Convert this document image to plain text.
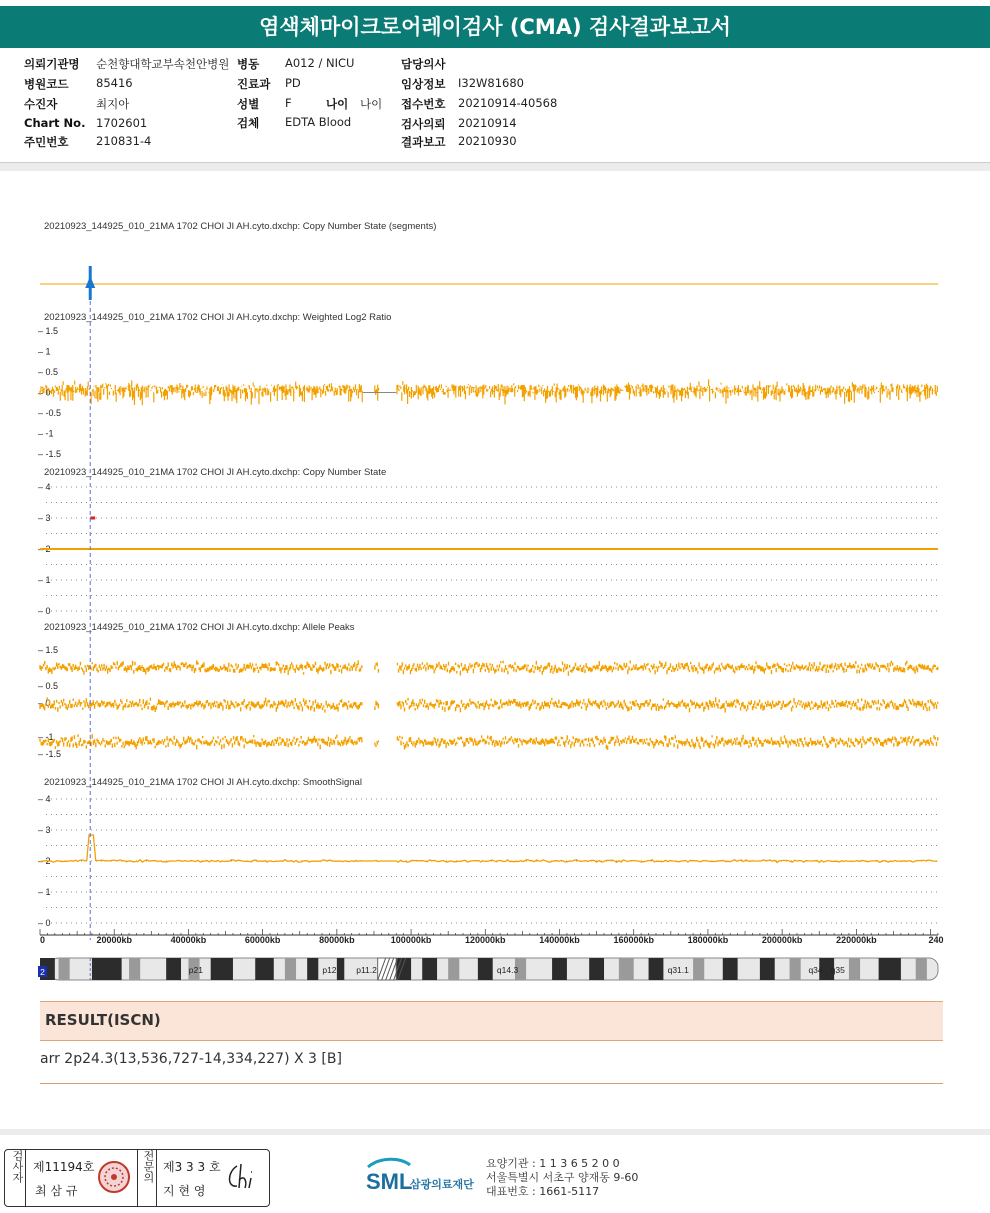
염색체마이크로어레이검사 (CMA) 검사결과보고서
의뢰기관명 순천향대학교부속천안병원
병원코드 85416
수진자	최지아
Chart No. 1702601
주민번호 210831-4
병동 A012 / NICU
진료과 PD
성별 F	나이 나이
검체 EDTA Blood
담당의사
임상정보 I32W81680
접수번호 20210914-40568
검사의뢰 20210914
결과보고 20210930
20210923_144925_010_21MA 1702 CHOI JI AH.cyto.dxchp: Copy Number State (segments)
20210923_144925_010_21MA 1702 CHOI JI AH.cyto.dxchp: Weighted Log2 Ratio
20210923_144925_010_21MA 1702 CHOI JI AH.cyto.dxchp: Copy Number State
20210923_144925_010_21MA 1702 CHOI JI AH.cyto.dxchp: Allele Peaks
20210923_144925_010_21MA 1702 CHOI JI AH.cyto.dxchp: SmoothSignal
– 1.5
– 1
– 0.5
– 0
– -0.5
– -1
– -1.5
– 4
– 3
– 2
– 1
– 0
– 1.5
– 0.5
– 0
– -1
– -1.5
– 4
– 3
– 2
– 1
– 0
0	20000kb	40000kb	60000kb	80000kb	100000kb	120000kb	140000kb	160000kb	180000kb	200000kb	220000kb	240
p21	p12 p11.2	q14.3	q31.1	q34 q35
2
RESULT(ISCN)
arr 2p24.3(13,536,727-14,334,227) X 3 [B]
검사자 제11194호
최 삼 규
전문의 제3 3 3 호
지 현 영	SML
삼광의료재단
요양기관 : 1 1 3 6 5 2 0 0
서울특별시 서초구 양재동 9-60
대표번호 : 1661-5117
